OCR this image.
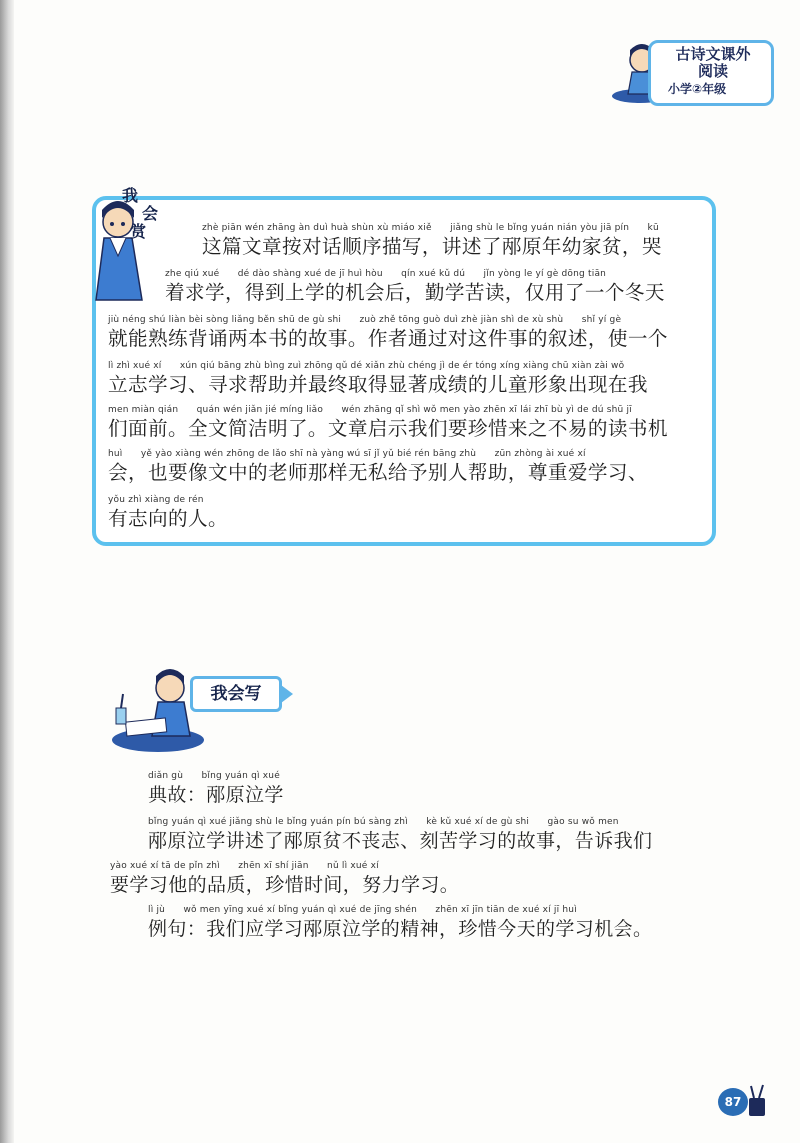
古诗文课外
阅读
小学②年级
我
会
赏	zhè piān wén zhāng àn duì huà shùn xù miáo xiě　　jiǎng shù le bǐng yuán nián yòu jiā pín　　kū
这篇文章按对话顺序描写，讲述了邴原年幼家贫，哭
zhe qiú xué　　dé dào shàng xué de jī huì hòu　　qín xué kǔ dú　　jǐn yòng le yí gè dōng tiān
着求学，得到上学的机会后，勤学苦读，仅用了一个冬天
jiù néng shú liàn bèi sòng liǎng běn shū de gù shi　　zuò zhě tōng guò duì zhè jiàn shì de xù shù　　shǐ yí gè
就能熟练背诵两本书的故事。作者通过对这件事的叙述，使一个
lì zhì xué xí　　xún qiú bāng zhù bìng zuì zhōng qǔ dé xiǎn zhù chéng jì de ér tóng xíng xiàng chū xiàn zài wǒ
立志学习、寻求帮助并最终取得显著成绩的儿童形象出现在我
men miàn qián　　quán wén jiǎn jié míng liǎo　　wén zhāng qǐ shì wǒ men yào zhēn xī lái zhī bù yì de dú shū jī
们面前。全文简洁明了。文章启示我们要珍惜来之不易的读书机
huì　　yě yào xiàng wén zhōng de lǎo shī nà yàng wú sī jǐ yǔ bié rén bāng zhù　　zūn zhòng ài xué xí
会，也要像文中的老师那样无私给予别人帮助，尊重爱学习、
yǒu zhì xiàng de rén
有志向的人。
我会写
diǎn gù　　bǐng yuán qì xué
典故：邴原泣学
bǐng yuán qì xué jiǎng shù le bǐng yuán pín bú sàng zhì　　kè kǔ xué xí de gù shi　　gào su wǒ men
邴原泣学讲述了邴原贫不丧志、刻苦学习的故事，告诉我们
yào xué xí tā de pǐn zhì　　zhēn xī shí jiān　　nǔ lì xué xí
要学习他的品质，珍惜时间，努力学习。
lì jù　　wǒ men yīng xué xí bǐng yuán qì xué de jīng shén　　zhēn xī jīn tiān de xué xí jī huì
例句：我们应学习邴原泣学的精神，珍惜今天的学习机会。
87
